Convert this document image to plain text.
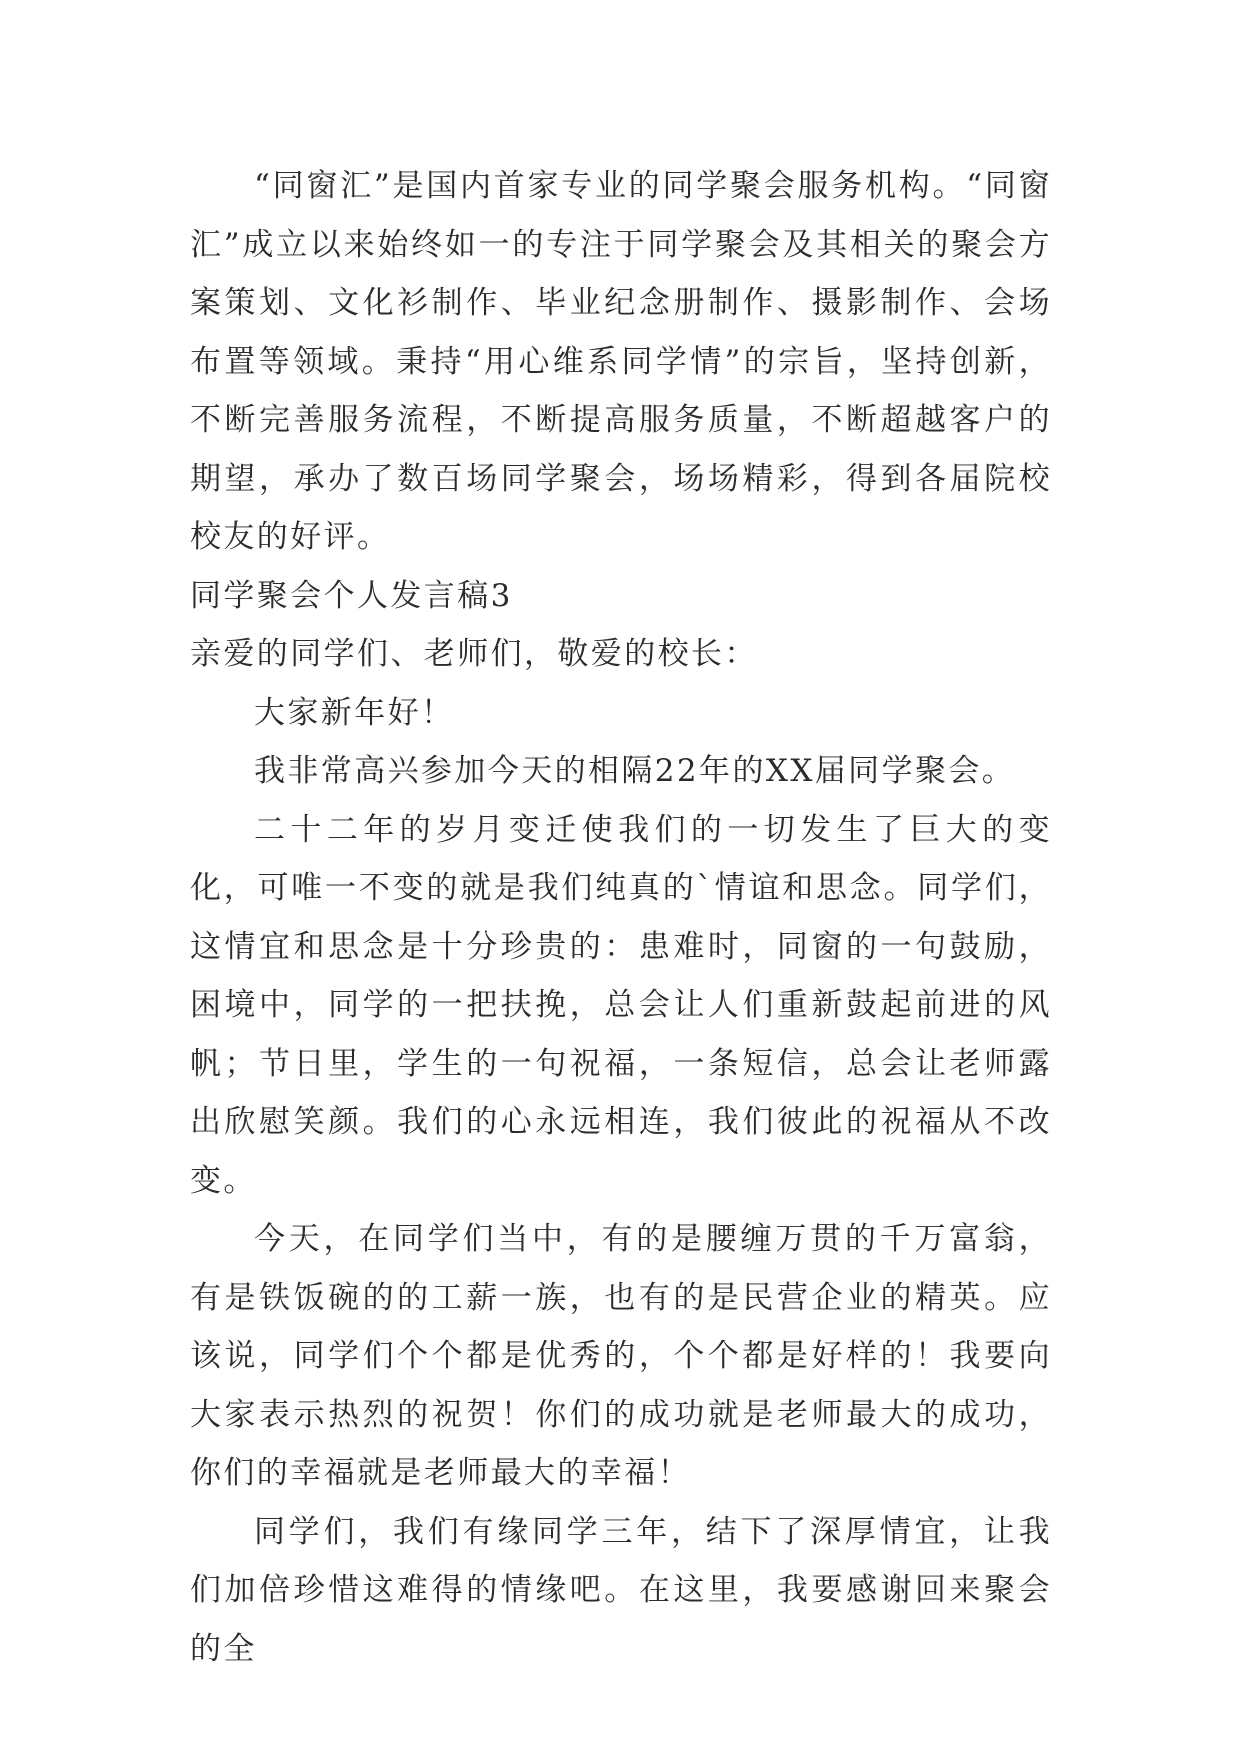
“同窗汇”是国内首家专业的同学聚会服务机构。“同窗汇”成立以来始终如一的专注于同学聚会及其相关的聚会方案策划、文化衫制作、毕业纪念册制作、摄影制作、会场布置等领域。秉持“用心维系同学情”的宗旨，坚持创新，不断完善服务流程，不断提高服务质量，不断超越客户的期望，承办了数百场同学聚会，场场精彩，得到各届院校校友的好评。

同学聚会个人发言稿3

亲爱的同学们、老师们，敬爱的校长：

大家新年好！

我非常高兴参加今天的相隔22年的XX届同学聚会。

二十二年的岁月变迁使我们的一切发生了巨大的变化，可唯一不变的就是我们纯真的`情谊和思念。同学们，这情宜和思念是十分珍贵的：患难时，同窗的一句鼓励，困境中，同学的一把扶挽，总会让人们重新鼓起前进的风帆；节日里，学生的一句祝福，一条短信，总会让老师露出欣慰笑颜。我们的心永远相连，我们彼此的祝福从不改变。

今天，在同学们当中，有的是腰缠万贯的千万富翁，有是铁饭碗的的工薪一族，也有的是民营企业的精英。应该说，同学们个个都是优秀的，个个都是好样的！我要向大家表示热烈的祝贺！你们的成功就是老师最大的成功，你们的幸福就是老师最大的幸福！

同学们，我们有缘同学三年，结下了深厚情宜，让我们加倍珍惜这难得的情缘吧。在这里，我要感谢回来聚会的全
